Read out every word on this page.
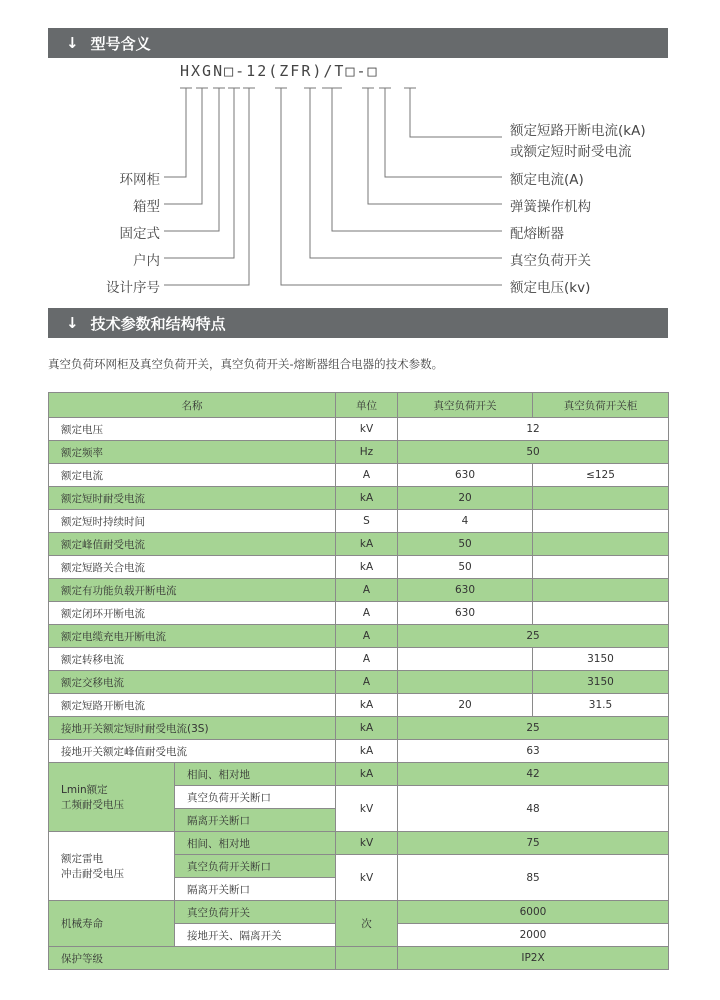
↓ 型号含义
HXGN□-12(ZFR)/T□-□
环网柜
箱型
固定式
户内
设计序号
额定短路开断电流(kA)
或额定短时耐受电流
额定电流(A)
弹簧操作机构
配熔断器
真空负荷开关
额定电压(kv)
↓ 技术参数和结构特点
真空负荷环网柜及真空负荷开关，真空负荷开关-熔断器组合电器的技术参数。
名称		单位	真空负荷开关	真空负荷开关柜
额定电压		kV	12	
额定频率		Hz	50	
额定电流		A	630	≤125
额定短时耐受电流		kA	20	
额定短时持续时间		S	4	
额定峰值耐受电流		kA	50	
额定短路关合电流		kA	50	
额定有功能负载开断电流		A	630	
额定闭环开断电流		A	630	
额定电缆充电开断电流		A	25	
额定转移电流		A		3150
额定交移电流		A		3150
额定短路开断电流		kA	20	31.5
接地开关额定短时耐受电流(3S)		kA	25	
接地开关额定峰值耐受电流		kA	63	

Lmin额定
工频耐受电压	相间、相对地	kA	42	
	真空负荷开关断口	kV	48	
	隔离开关断口			

额定雷电
冲击耐受电压	相间、相对地	kV	75	
	真空负荷开关断口	kV	85	
	隔离开关断口			
机械寿命	真空负荷开关	次	6000	
	接地开关、隔离开关		2000	
保护等级			IP2X	
